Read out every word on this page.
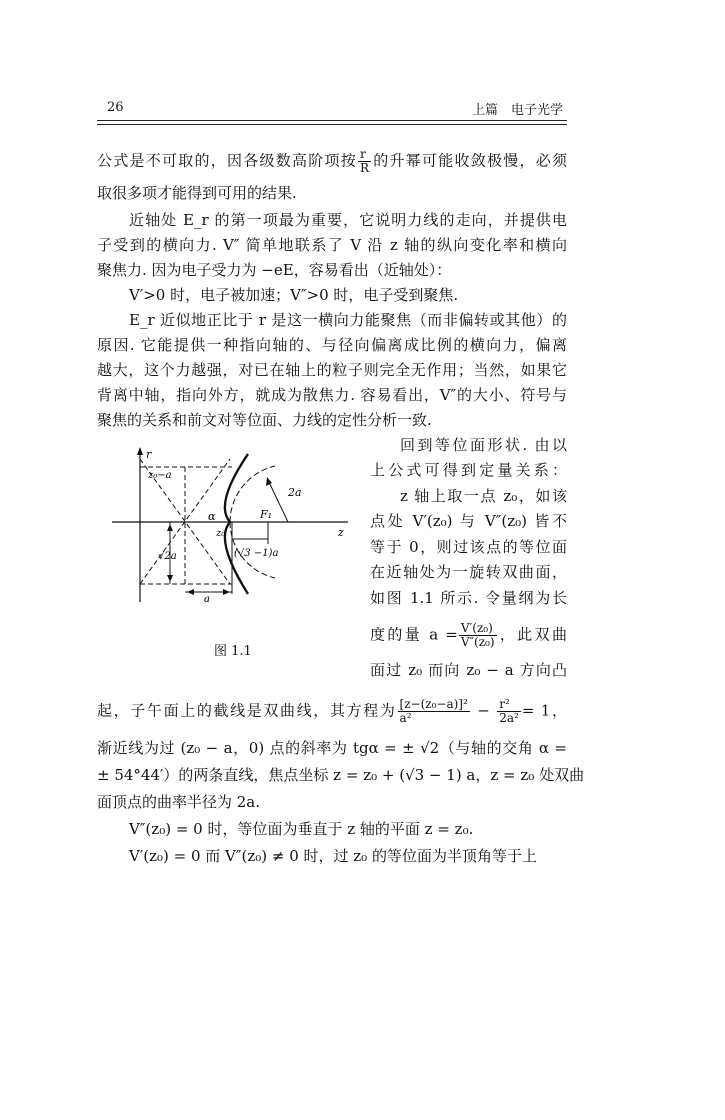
26	上篇　电子光学
公式是不可取的，因各级数高阶项按 $\frac{r}{R}$ 的升幂可能收敛极慢，必须
取很多项才能得到可用的结果.
近轴处 E_r 的第一项最为重要，它说明力线的走向，并提供电
子受到的横向力. V″ 简单地联系了 V 沿 z 轴的纵向变化率和横向
聚焦力. 因为电子受力为 −eE，容易看出（近轴处）：
V′>0 时，电子被加速；V″>0 时，电子受到聚焦.
E_r 近似地正比于 r 是这一横向力能聚焦（而非偏转或其他）的
原因. 它能提供一种指向轴的、与径向偏离成比例的横向力，偏离
越大，这个力越强，对已在轴上的粒子则完全无作用；当然，如果它
背离中轴，指向外方，就成为散焦力. 容易看出，V″的大小、符号与
聚焦的关系和前文对等位面、力线的定性分析一致.
回到等位面形状. 由以
上公式可得到定量关系：
z 轴上取一点 z₀，如该
点处 V′(z₀) 与 V″(z₀) 皆不
等于 0，则过该点的等位面
在近轴处为一旋转双曲面，
如图 1.1 所示. 令量纲为长
度的量 $a = \frac{\text{V′(z₀)}}{\text{V″(z₀)}}$ ，此双曲
面过 z₀ 而向 z₀ − a 方向凸
r
z₀−a
2a
α	F₁
z₀	z
√2a	(√3 −1)a
a
图 1.1
起，子午面上的截线是双曲线，其方程为 $\frac{\text{[z−(z₀−a)]²}}{\text{a²}} - \frac{\text{r²}}{\text{2a²}} = 1$，
渐近线为过 (z₀ − a，0) 点的斜率为 tgα = ± √2（与轴的交角 α =
± 54°44′）的两条直线，焦点坐标 z = z₀ + (√3 − 1) a，z = z₀ 处双曲
面顶点的曲率半径为 2a.
V″(z₀) = 0 时，等位面为垂直于 z 轴的平面 z = z₀.
V′(z₀) = 0 而 V″(z₀) ≠ 0 时，过 z₀ 的等位面为半顶角等于上
